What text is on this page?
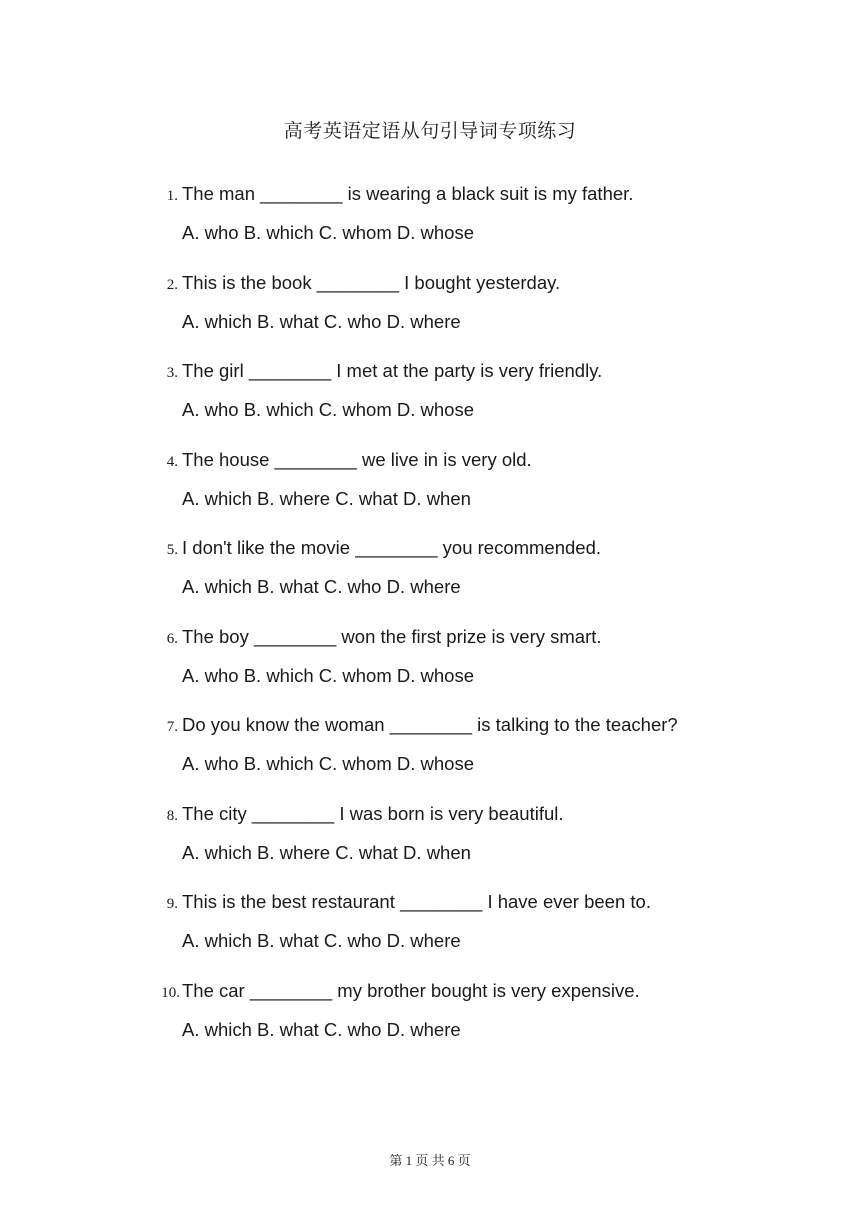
高考英语定语从句引导词专项练习
1. The man ________ is wearing a black suit is my father.
A. who B. which C. whom D. whose
2. This is the book ________ I bought yesterday.
A. which B. what C. who D. where
3. The girl ________ I met at the party is very friendly.
A. who B. which C. whom D. whose
4. The house ________ we live in is very old.
A. which B. where C. what D. when
5. I don't like the movie ________ you recommended.
A. which B. what C. who D. where
6. The boy ________ won the first prize is very smart.
A. who B. which C. whom D. whose
7. Do you know the woman ________ is talking to the teacher?
A. who B. which C. whom D. whose
8. The city ________ I was born is very beautiful.
A. which B. where C. what D. when
9. This is the best restaurant ________ I have ever been to.
A. which B. what C. who D. where
10. The car ________ my brother bought is very expensive.
A. which B. what C. who D. where
第 1 页 共 6 页
